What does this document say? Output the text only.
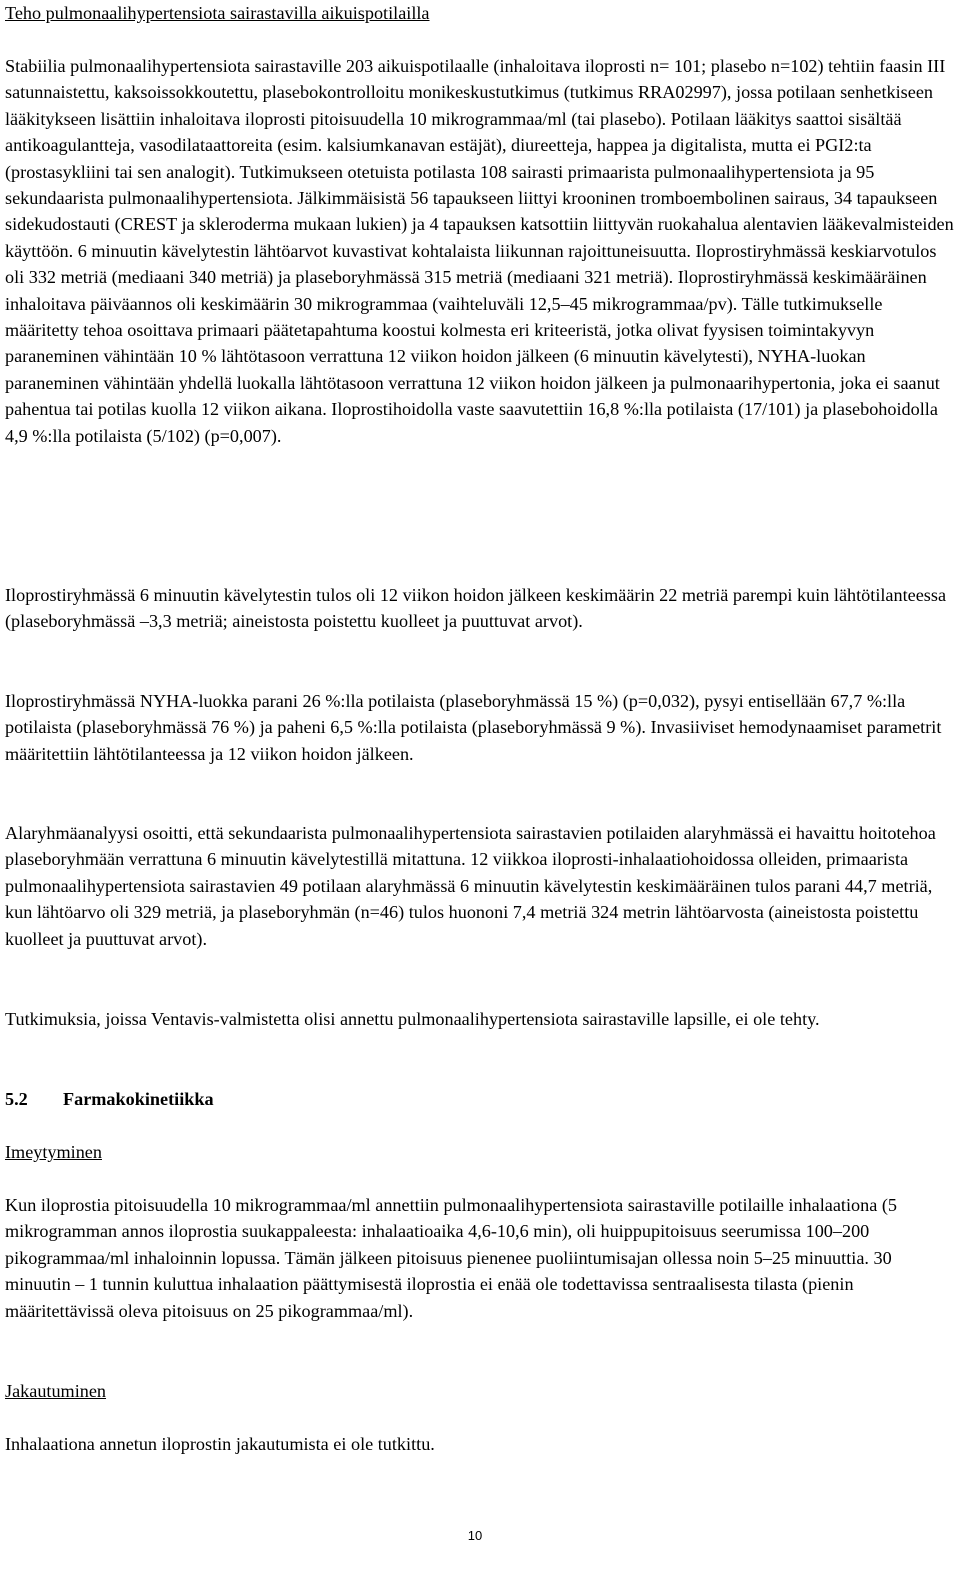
Teho pulmonaalihypertensiota sairastavilla aikuispotilailla

Stabiilia pulmonaalihypertensiota sairastaville 203 aikuispotilaalle (inhaloitava iloprosti n= 101; plasebo n=102) tehtiin faasin III satunnaistettu, kaksoissokkoutettu, plasebokontrolloitu monikeskustutkimus (tutkimus RRA02997), jossa potilaan senhetkiseen lääkitykseen lisättiin inhaloitava iloprosti pitoisuudella 10 mikrogrammaa/ml (tai plasebo). Potilaan lääkitys saattoi sisältää antikoagulantteja, vasodilataattoreita (esim. kalsiumkanavan estäjät), diureetteja, happea ja digitalista, mutta ei PGI2:ta (prostasykliini tai sen analogit). Tutkimukseen otetuista potilasta 108 sairasti primaarista pulmonaalihypertensiota ja 95 sekundaarista pulmonaalihypertensiota. Jälkimmäisistä 56 tapaukseen liittyi krooninen tromboembolinen sairaus, 34 tapaukseen sidekudostauti (CREST ja skleroderma mukaan lukien) ja 4 tapauksen katsottiin liittyvän ruokahalua alentavien lääkevalmisteiden käyttöön. 6 minuutin kävelytestin lähtöarvot kuvastivat kohtalaista liikunnan rajoittuneisuutta. Iloprostiryhmässä keskiarvotulos oli 332 metriä (mediaani 340 metriä) ja plaseboryhmässä 315 metriä (mediaani 321 metriä). Iloprostiryhmässä keskimääräinen inhaloitava päiväannos oli keskimäärin 30 mikrogrammaa (vaihteluväli 12,5–45 mikrogrammaa/pv). Tälle tutkimukselle määritetty tehoa osoittava primaari päätetapahtuma koostui kolmesta eri kriteeristä, jotka olivat fyysisen toimintakyvyn paraneminen vähintään 10 % lähtötasoon verrattuna 12 viikon hoidon jälkeen (6 minuutin kävelytesti), NYHA-luokan paraneminen vähintään yhdellä luokalla lähtötasoon verrattuna 12 viikon hoidon jälkeen ja pulmonaarihypertonia, joka ei saanut pahentua tai potilas kuolla 12 viikon aikana. Iloprostihoidolla vaste saavutettiin 16,8 %:lla potilaista (17/101) ja plasebohoidolla 4,9 %:lla potilaista (5/102) (p=0,007).

Iloprostiryhmässä 6 minuutin kävelytestin tulos oli 12 viikon hoidon jälkeen keskimäärin 22 metriä parempi kuin lähtötilanteessa (plaseboryhmässä –3,3 metriä; aineistosta poistettu kuolleet ja puuttuvat arvot).

Iloprostiryhmässä NYHA-luokka parani 26 %:lla potilaista (plaseboryhmässä 15 %) (p=0,032), pysyi entisellään 67,7 %:lla potilaista (plaseboryhmässä 76 %) ja paheni 6,5 %:lla potilaista (plaseboryhmässä 9 %). Invasiiviset hemodynaamiset parametrit määritettiin lähtötilanteessa ja 12 viikon hoidon jälkeen.

Alaryhmäanalyysi osoitti, että sekundaarista pulmonaalihypertensiota sairastavien potilaiden alaryhmässä ei havaittu hoitotehoa plaseboryhmään verrattuna 6 minuutin kävelytestillä mitattuna. 12 viikkoa iloprosti-inhalaatiohoidossa olleiden, primaarista pulmonaalihypertensiota sairastavien 49 potilaan alaryhmässä 6 minuutin kävelytestin keskimääräinen tulos parani 44,7 metriä, kun lähtöarvo oli 329 metriä, ja plaseboryhmän (n=46) tulos huononi 7,4 metriä 324 metrin lähtöarvosta (aineistosta poistettu kuolleet ja puuttuvat arvot).

Tutkimuksia, joissa Ventavis-valmistetta olisi annettu pulmonaalihypertensiota sairastaville lapsille, ei ole tehty.

5.2 Farmakokinetiikka

Imeytyminen

Kun iloprostia pitoisuudella 10 mikrogrammaa/ml annettiin pulmonaalihypertensiota sairastaville potilaille inhalaationa (5 mikrogramman annos iloprostia suukappaleesta: inhalaatioaika 4,6-10,6 min), oli huippupitoisuus seerumissa 100–200 pikogrammaa/ml inhaloinnin lopussa. Tämän jälkeen pitoisuus pienenee puoliintumisajan ollessa noin 5–25 minuuttia. 30 minuutin – 1 tunnin kuluttua inhalaation päättymisestä iloprostia ei enää ole todettavissa sentraalisesta tilasta (pienin määritettävissä oleva pitoisuus on 25 pikogrammaa/ml).

Jakautuminen

Inhalaationa annetun iloprostin jakautumista ei ole tutkittu.

10
